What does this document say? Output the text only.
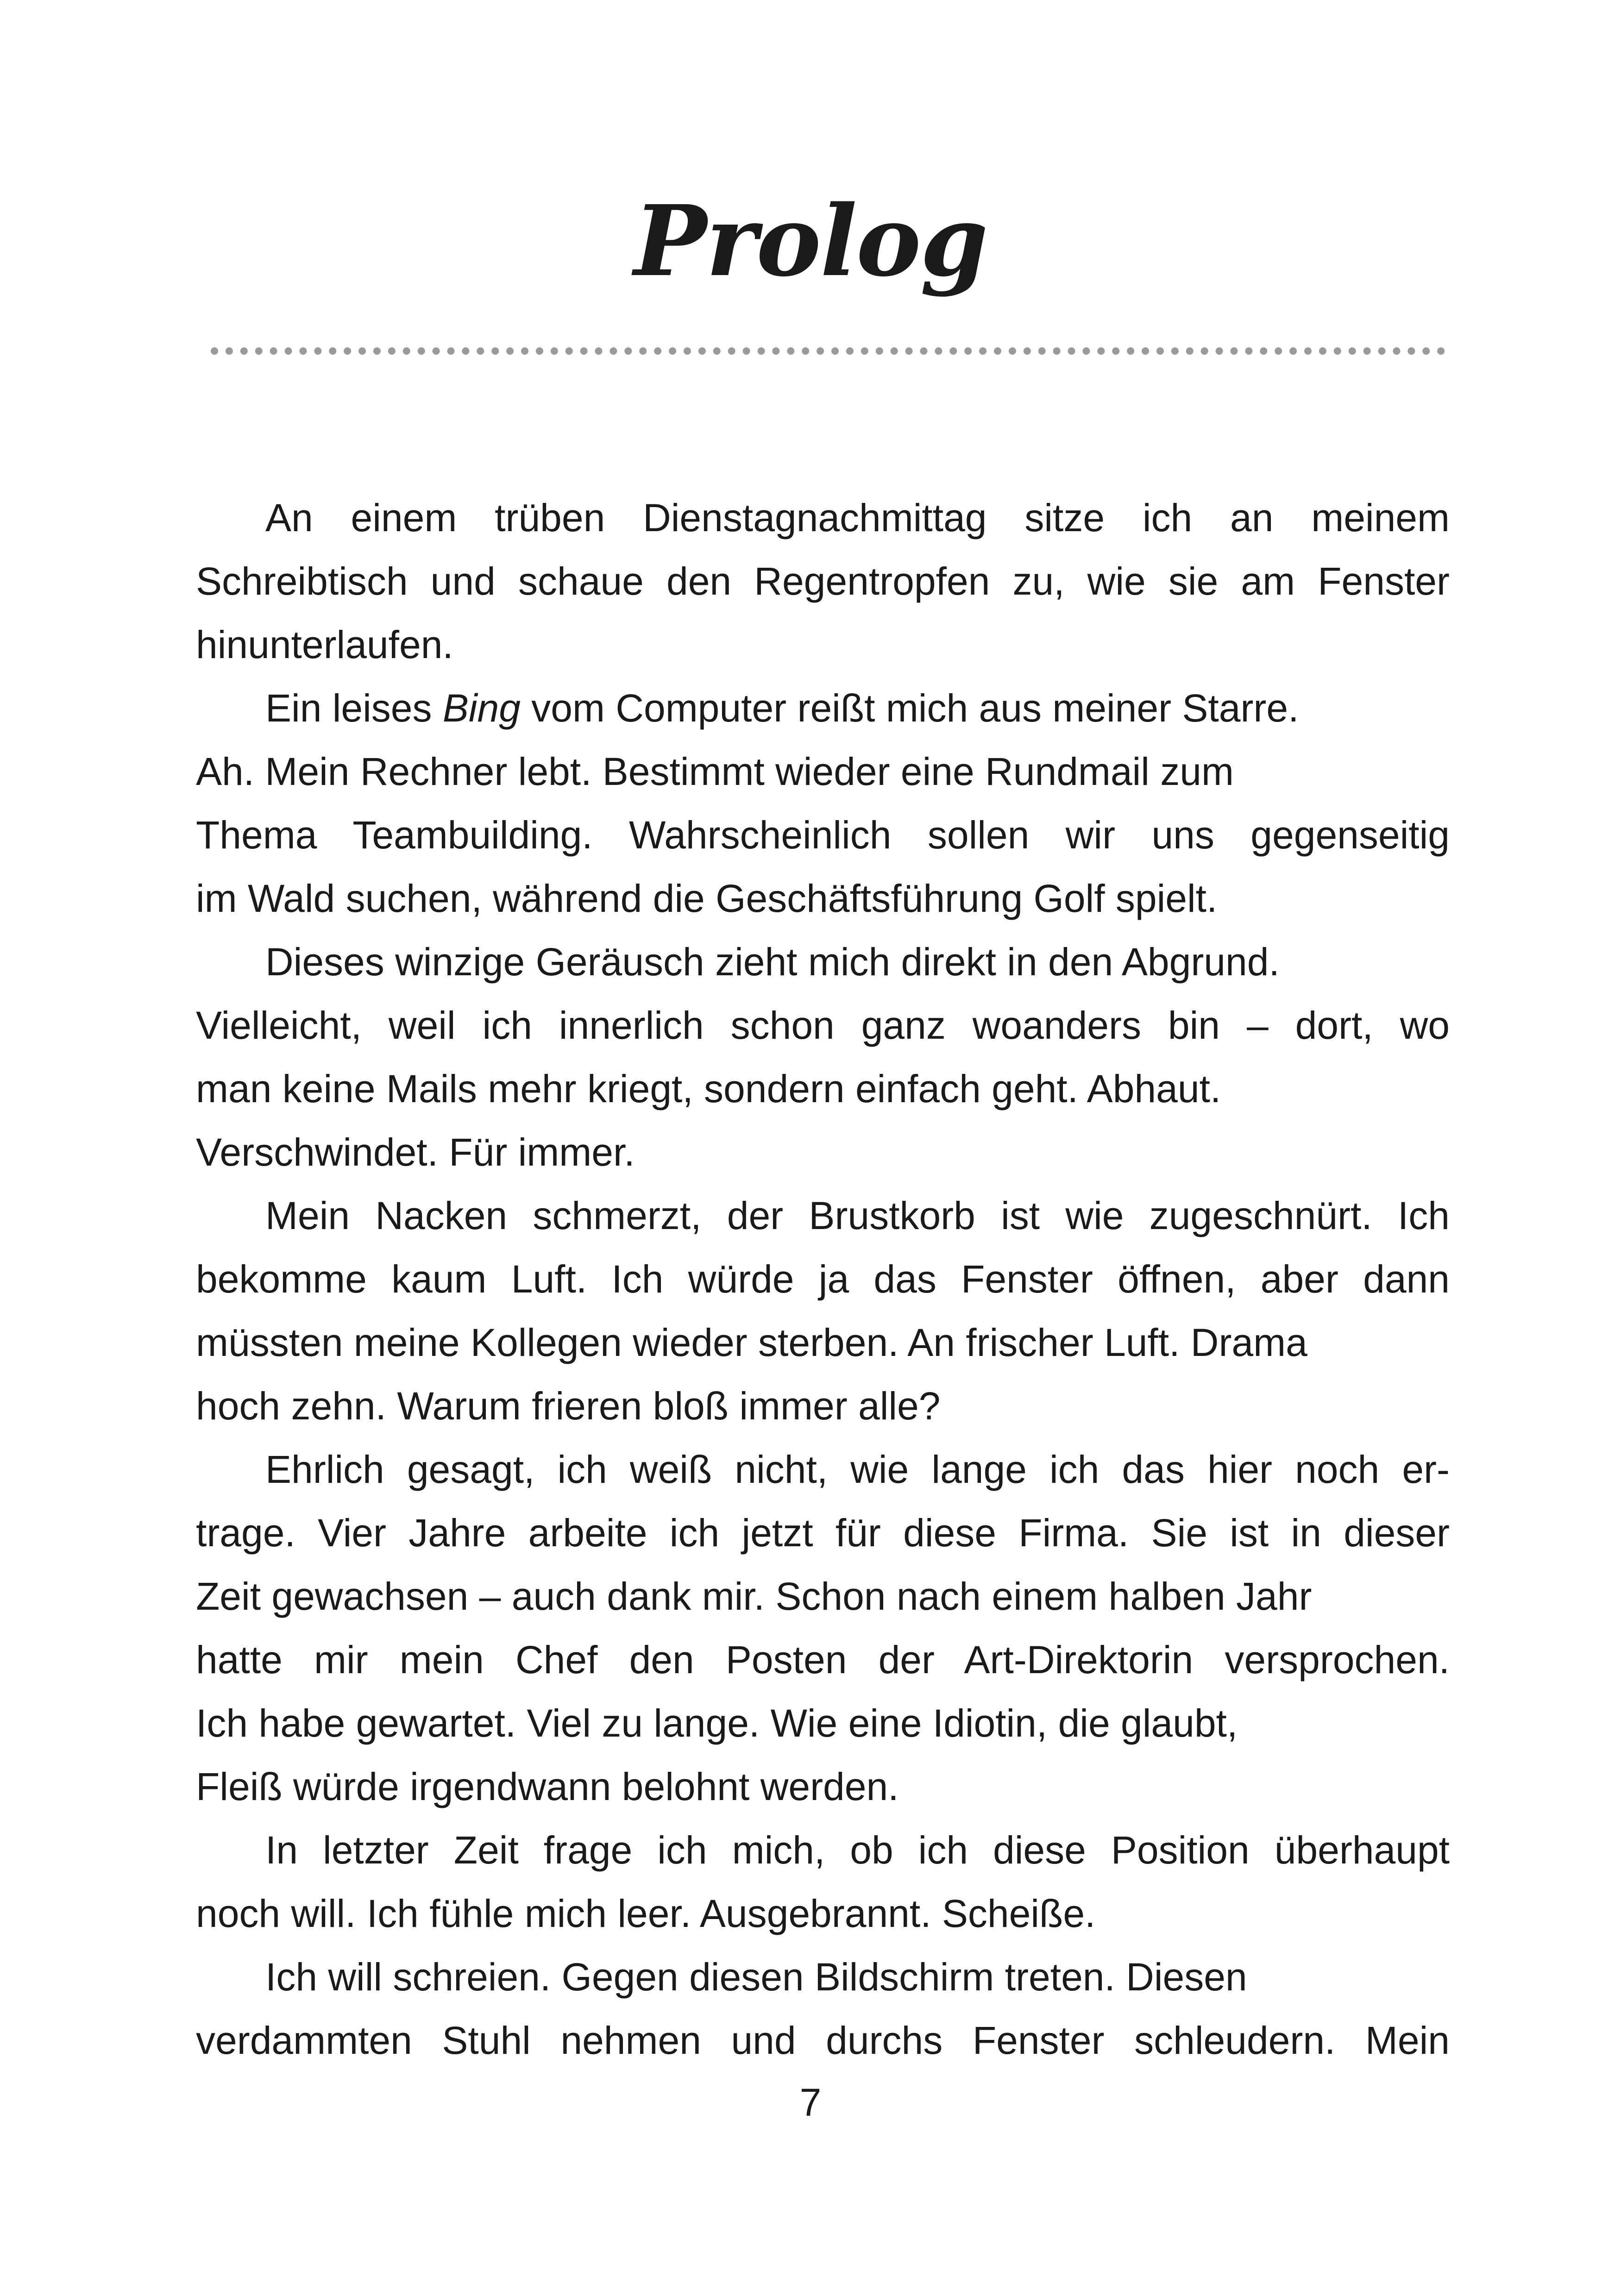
Prolog

An einem trüben Dienstagnachmittag sitze ich an meinem
Schreibtisch und schaue den Regentropfen zu, wie sie am Fenster
hinunterlaufen.

Ein leises Bing vom Computer reißt mich aus meiner Starre.
Ah. Mein Rechner lebt. Bestimmt wieder eine Rundmail zum
Thema Teambuilding. Wahrscheinlich sollen wir uns gegenseitig
im Wald suchen, während die Geschäftsführung Golf spielt.

Dieses winzige Geräusch zieht mich direkt in den Abgrund.
Vielleicht, weil ich innerlich schon ganz woanders bin – dort, wo
man keine Mails mehr kriegt, sondern einfach geht. Abhaut.
Verschwindet. Für immer.

Mein Nacken schmerzt, der Brustkorb ist wie zugeschnürt. Ich
bekomme kaum Luft. Ich würde ja das Fenster öffnen, aber dann
müssten meine Kollegen wieder sterben. An frischer Luft. Drama
hoch zehn. Warum frieren bloß immer alle?

Ehrlich gesagt, ich weiß nicht, wie lange ich das hier noch er-
trage. Vier Jahre arbeite ich jetzt für diese Firma. Sie ist in dieser
Zeit gewachsen – auch dank mir. Schon nach einem halben Jahr
hatte mir mein Chef den Posten der Art-Direktorin versprochen.
Ich habe gewartet. Viel zu lange. Wie eine Idiotin, die glaubt,
Fleiß würde irgendwann belohnt werden.

In letzter Zeit frage ich mich, ob ich diese Position überhaupt
noch will. Ich fühle mich leer. Ausgebrannt. Scheiße.

Ich will schreien. Gegen diesen Bildschirm treten. Diesen
verdammten Stuhl nehmen und durchs Fenster schleudern. Mein

7
